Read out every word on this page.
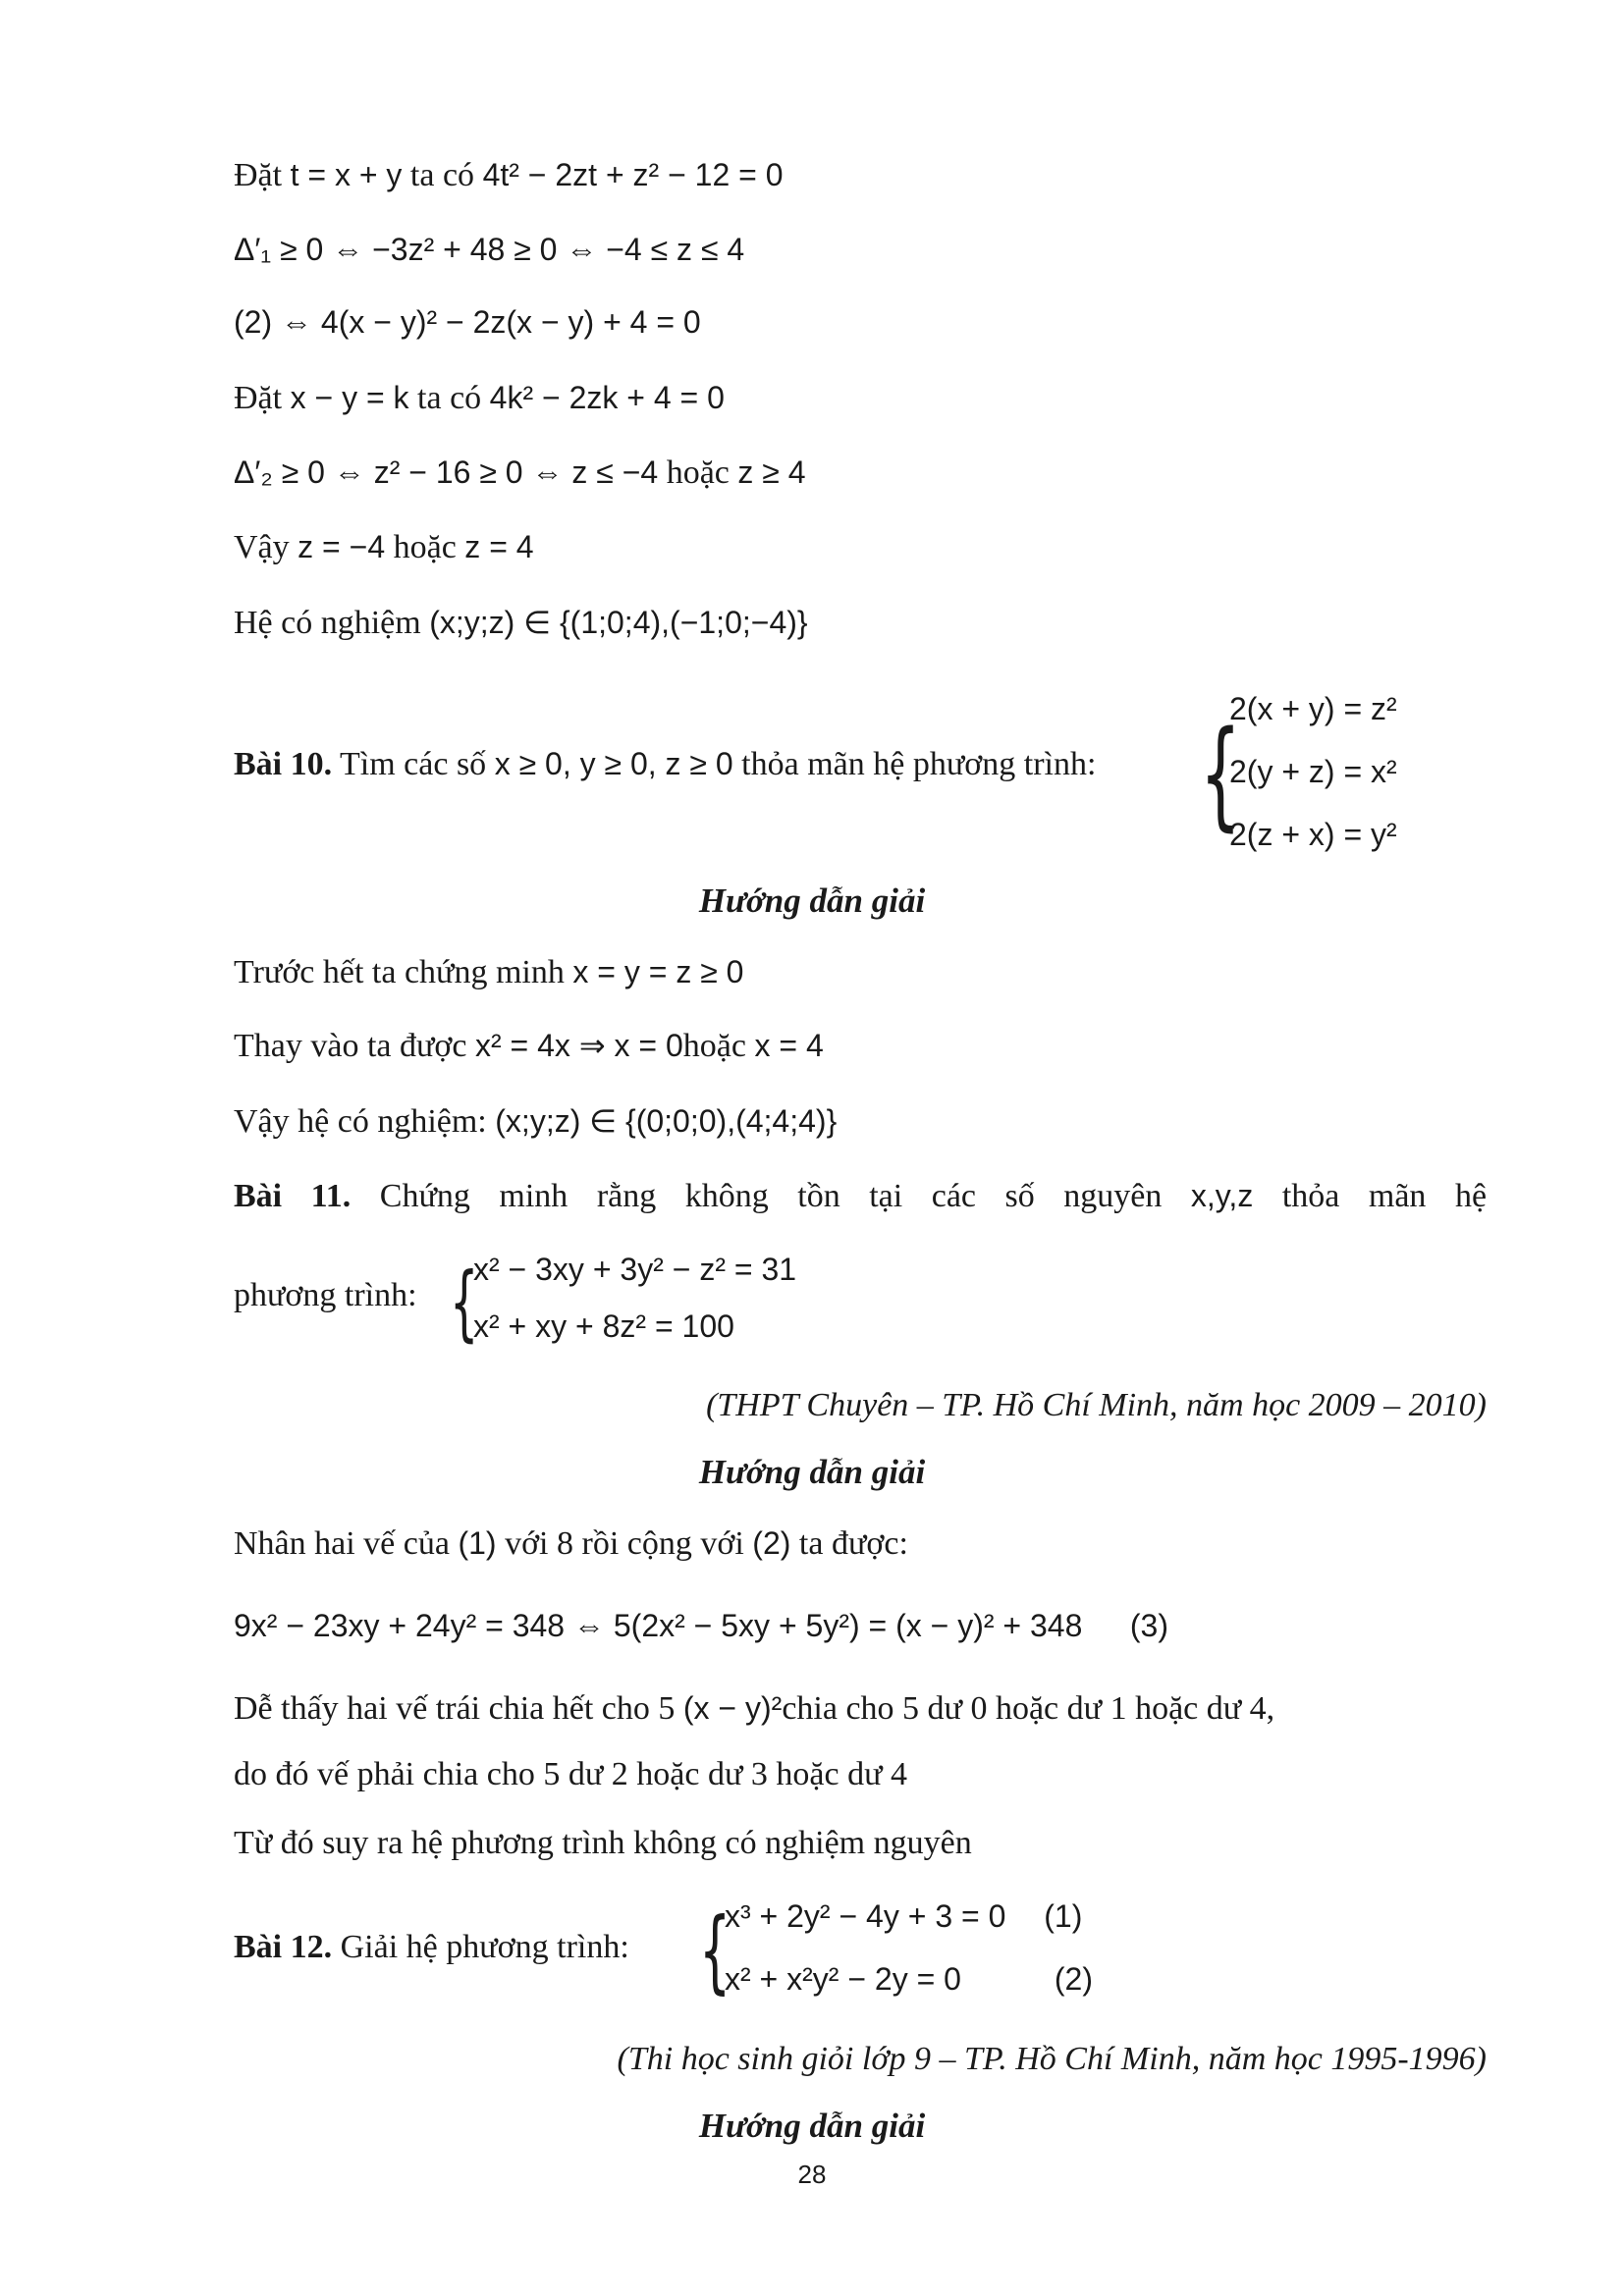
Đặt t = x + y ta có 4t² − 2zt + z² − 12 = 0
Δ′₁ ≥ 0 ⇔ −3z² + 48 ≥ 0 ⇔ −4 ≤ z ≤ 4
(2) ⇔ 4(x − y)² − 2z(x − y) + 4 = 0
Đặt x − y = k ta có 4k² − 2zk + 4 = 0
Δ′₂ ≥ 0 ⇔ z² − 16 ≥ 0 ⇔ z ≤ −4 hoặc z ≥ 4
Vậy z = −4 hoặc z = 4
Hệ có nghiệm (x;y;z) ∈ {(1;0;4),(−1;0;−4)}
Bài 10. Tìm các số x ≥ 0, y ≥ 0, z ≥ 0 thỏa mãn hệ phương trình: {
2(x + y) = z²
2(y + z) = x²
2(z + x) = y²
Hướng dẫn giải
Trước hết ta chứng minh x = y = z ≥ 0
Thay vào ta được x² = 4x ⇒ x = 0hoặc x = 4
Vậy hệ có nghiệm: (x;y;z) ∈ {(0;0;0),(4;4;4)}
Bài 11. Chứng minh rằng không tồn tại các số nguyên x,y,z thỏa mãn hệ
phương trình: {
x² − 3xy + 3y² − z² = 31
x² + xy + 8z² = 100
(THPT Chuyên – TP. Hồ Chí Minh, năm học 2009 – 2010)
Hướng dẫn giải
Nhân hai vế của (1) với 8 rồi cộng với (2) ta được:
9x² − 23xy + 24y² = 348 ⇔ 5(2x² − 5xy + 5y²) = (x − y)² + 348 (3)
Dễ thấy hai vế trái chia hết cho 5 (x − y)²chia cho 5 dư 0 hoặc dư 1 hoặc dư 4,
do đó vế phải chia cho 5 dư 2 hoặc dư 3 hoặc dư 4
Từ đó suy ra hệ phương trình không có nghiệm nguyên
Bài 12. Giải hệ phương trình: {
x³ + 2y² − 4y + 3 = 0 (1)
x² + x²y² − 2y = 0	(2)
(Thi học sinh giỏi lớp 9 – TP. Hồ Chí Minh, năm học 1995-1996)
Hướng dẫn giải
28
